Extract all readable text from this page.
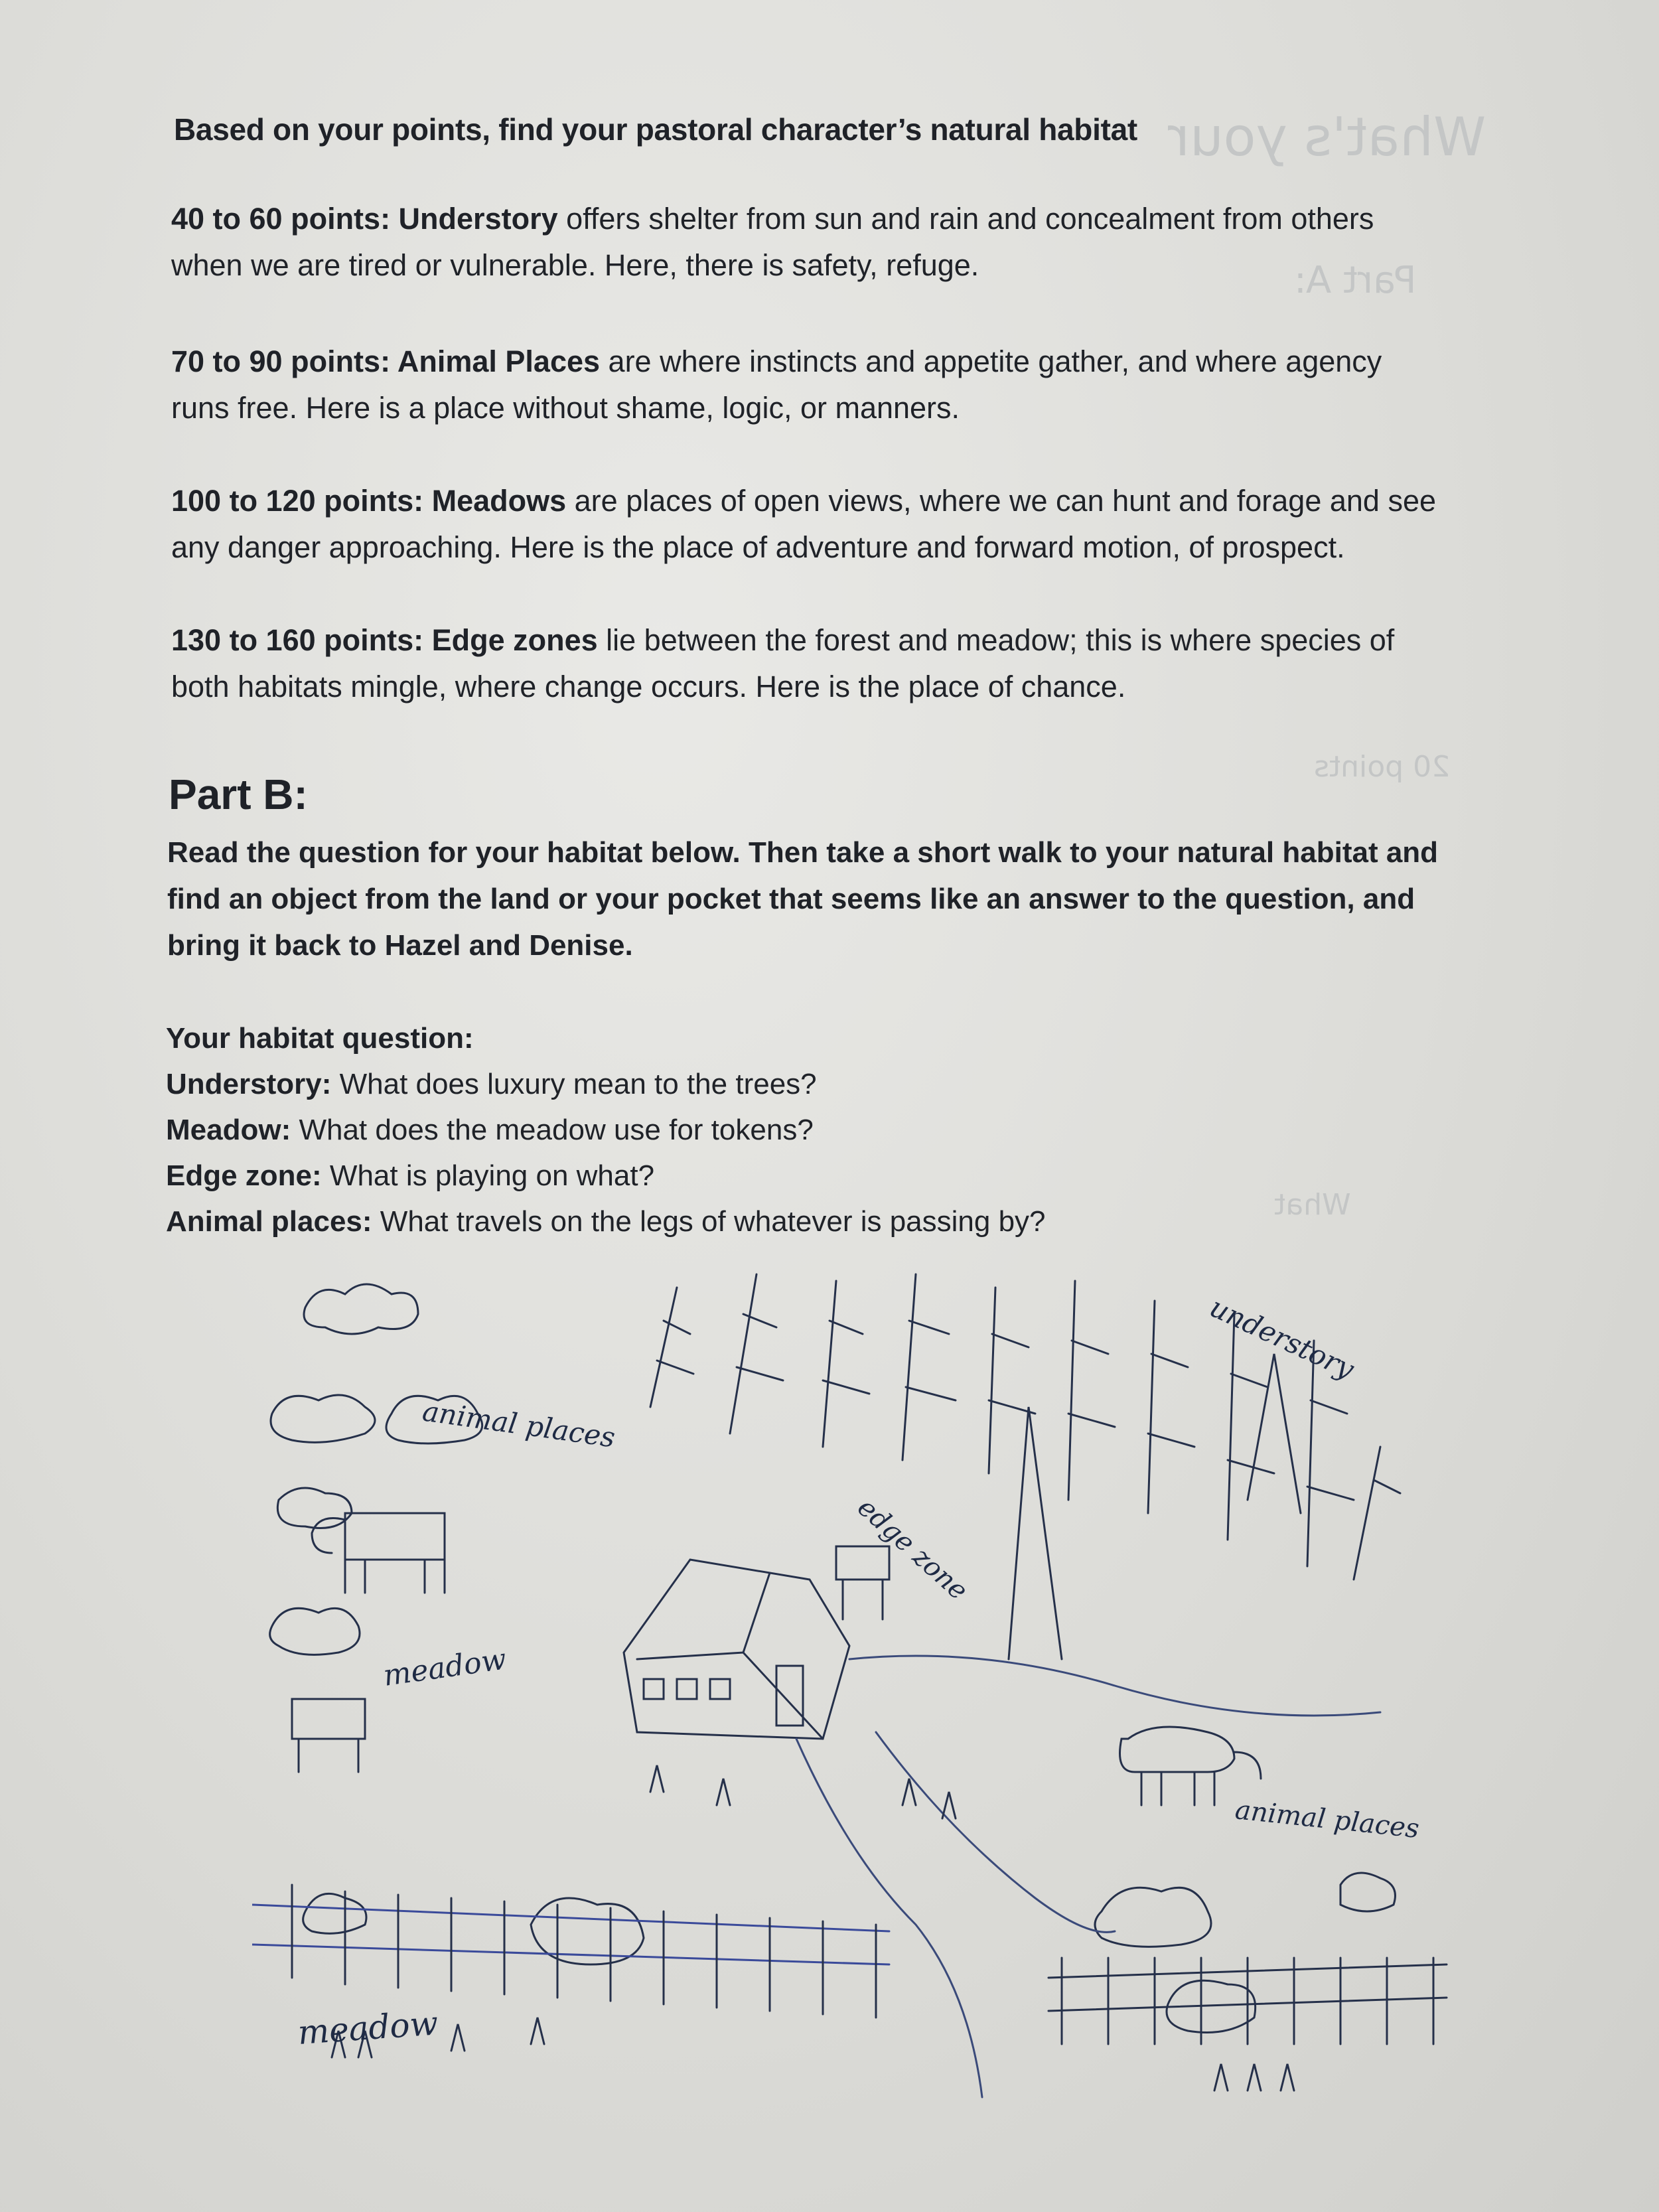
What's your
Part A:
20 points
What
Based on your points, find your pastoral character’s natural habitat
40 to 60 points: Understory offers shelter from sun and rain and concealment from others
when we are tired or vulnerable. Here, there is safety, refuge.
70 to 90 points: Animal Places are where instincts and appetite gather, and where agency
runs free. Here is a place without shame, logic, or manners.
100 to 120 points: Meadows are places of open views, where we can hunt and forage and see
any danger approaching. Here is the place of adventure and forward motion, of prospect.
130 to 160 points: Edge zones lie between the forest and meadow; this is where species of
both habitats mingle, where change occurs. Here is the place of chance.
Part B:
Read the question for your habitat below. Then take a short walk to your natural habitat and
find an object from the land or your pocket that seems like an answer to the question, and
bring it back to Hazel and Denise.
Your habitat question:
Understory: What does luxury mean to the trees?
Meadow: What does the meadow use for tokens?
Edge zone: What is playing on what?
Animal places: What travels on the legs of whatever is passing by?
animal places
understory
edge zone
meadow
animal places
meadow
